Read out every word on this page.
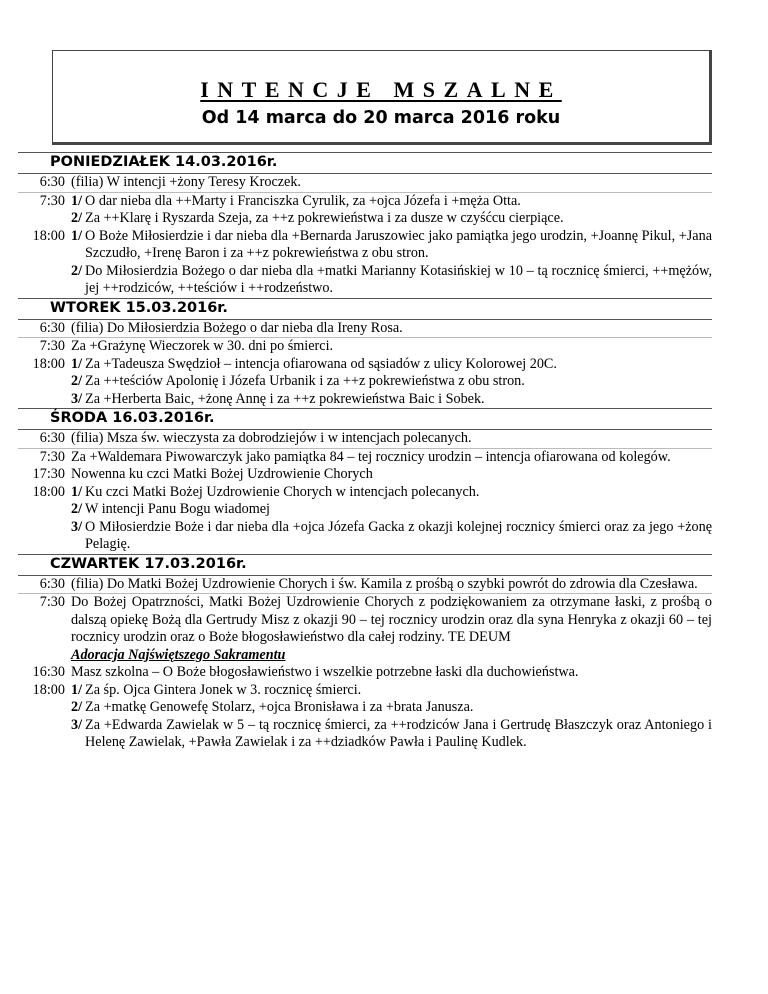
INTENCJE MSZALNE
Od 14 marca do 20 marca 2016 roku
PONIEDZIAŁEK 14.03.2016r.
6:30 (filia) W intencji +żony Teresy Kroczek.
7:30 1/ O dar nieba dla ++Marty i Franciszka Cyrulik, za +ojca Józefa i +męża Otta.
2/ Za ++Klarę i Ryszarda Szeja, za ++z pokrewieństwa i za dusze w czyśćcu cierpiące.
18:00 1/ O Boże Miłosierdzie i dar nieba dla +Bernarda Jaruszowiec jako pamiątka jego urodzin, +Joannę Pikul, +Jana Szczudło, +Irenę Baron i za ++z pokrewieństwa z obu stron.
2/ Do Miłosierdzia Bożego o dar nieba dla +matki Marianny Kotasińskiej w 10 – tą rocznicę śmierci, ++mężów, jej ++rodziców, ++teściów i ++rodzeństwo.
WTOREK 15.03.2016r.
6:30 (filia) Do Miłosierdzia Bożego o dar nieba dla Ireny Rosa.
7:30 Za +Grażynę Wieczorek w 30. dni po śmierci.
18:00 1/ Za +Tadeusza Swędzioł – intencja ofiarowana od sąsiadów z ulicy Kolorowej 20C.
2/ Za ++teściów Apolonię i Józefa Urbanik i za ++z pokrewieństwa z obu stron.
3/ Za +Herberta Baic, +żonę Annę i za ++z pokrewieństwa Baic i Sobek.
ŚRODA 16.03.2016r.
6:30 (filia) Msza św. wieczysta za dobrodziejów i w intencjach polecanych.
7:30 Za +Waldemara Piwowarczyk jako pamiątka 84 – tej rocznicy urodzin – intencja ofiarowana od kolegów.
17:30 Nowenna ku czci Matki Bożej Uzdrowienie Chorych
18:00 1/ Ku czci Matki Bożej Uzdrowienie Chorych w intencjach polecanych.
2/ W intencji Panu Bogu wiadomej
3/ O Miłosierdzie Boże i dar nieba dla +ojca Józefa Gacka z okazji kolejnej rocznicy śmierci oraz za jego +żonę Pelagię.
CZWARTEK 17.03.2016r.
6:30 (filia) Do Matki Bożej Uzdrowienie Chorych i św. Kamila z prośbą o szybki powrót do zdrowia dla Czesława.
7:30 Do Bożej Opatrzności, Matki Bożej Uzdrowienie Chorych z podziękowaniem za otrzymane łaski, z prośbą o dalszą opiekę Bożą dla Gertrudy Misz z okazji 90 – tej rocznicy urodzin oraz dla syna Henryka z okazji 60 – tej rocznicy urodzin oraz o Boże błogosławieństwo dla całej rodziny. TE DEUM
Adoracja Najświętszego Sakramentu
16:30 Masz szkolna – O Boże błogosławieństwo i wszelkie potrzebne łaski dla duchowieństwa.
18:00 1/ Za śp. Ojca Gintera Jonek w 3. rocznicę śmierci.
2/ Za +matkę Genowefę Stolarz, +ojca Bronisława i za +brata Janusza.
3/ Za +Edwarda Zawielak w 5 – tą rocznicę śmierci, za ++rodziców Jana i Gertrudę Błaszczyk oraz Antoniego i Helenę Zawielak, +Pawła Zawielak i za ++dziadków Pawła i Paulinę Kudlek.
